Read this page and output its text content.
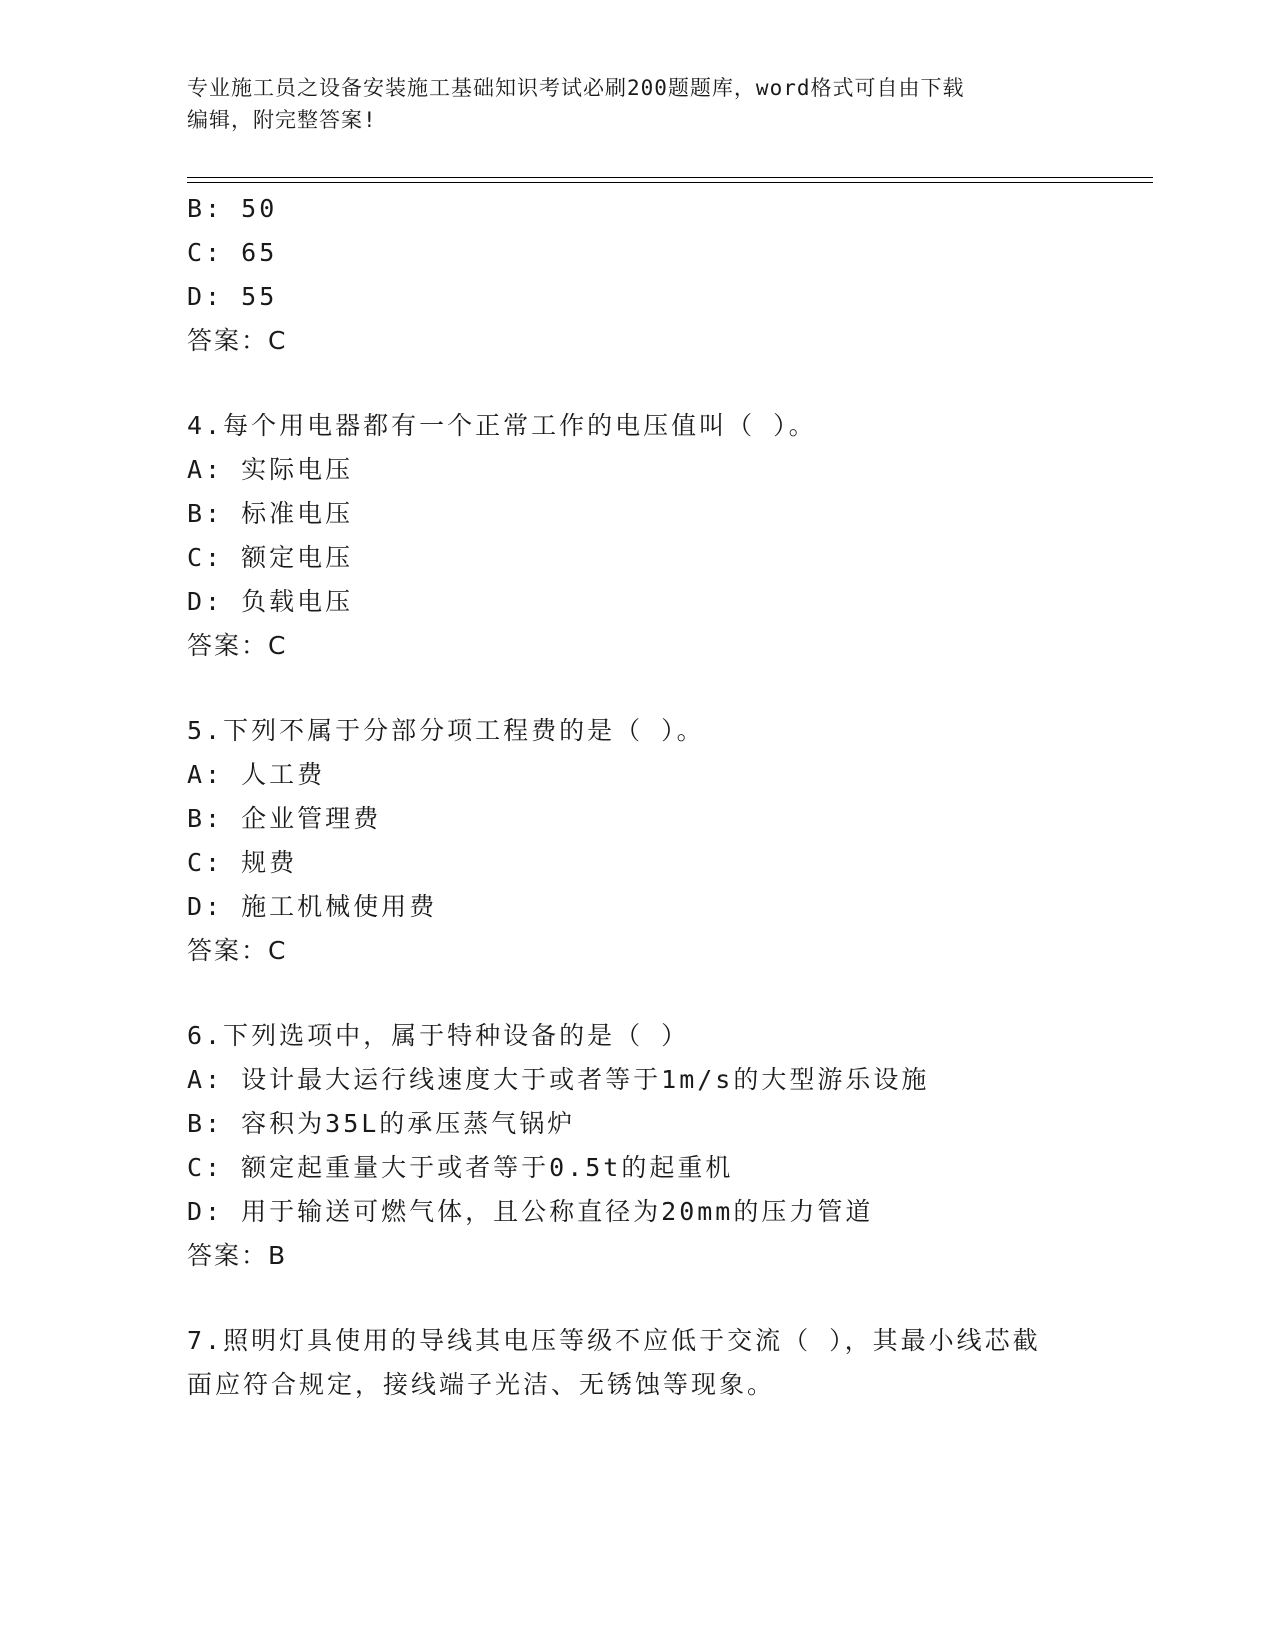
专业施工员之设备安装施工基础知识考试必刷200题题库，word格式可自由下载
编辑，附完整答案!
B: 50
C: 65
D: 55
答案：C
4.每个用电器都有一个正常工作的电压值叫（ ）。
A: 实际电压
B: 标准电压
C: 额定电压
D: 负载电压
答案：C
5.下列不属于分部分项工程费的是（ ）。
A: 人工费
B: 企业管理费
C: 规费
D: 施工机械使用费
答案：C
6.下列选项中，属于特种设备的是（ ）
A: 设计最大运行线速度大于或者等于1m/s的大型游乐设施
B: 容积为35L的承压蒸气锅炉
C: 额定起重量大于或者等于0.5t的起重机
D: 用于输送可燃气体，且公称直径为20mm的压力管道
答案：B
7.照明灯具使用的导线其电压等级不应低于交流（ ），其最小线芯截
面应符合规定，接线端子光洁、无锈蚀等现象。
